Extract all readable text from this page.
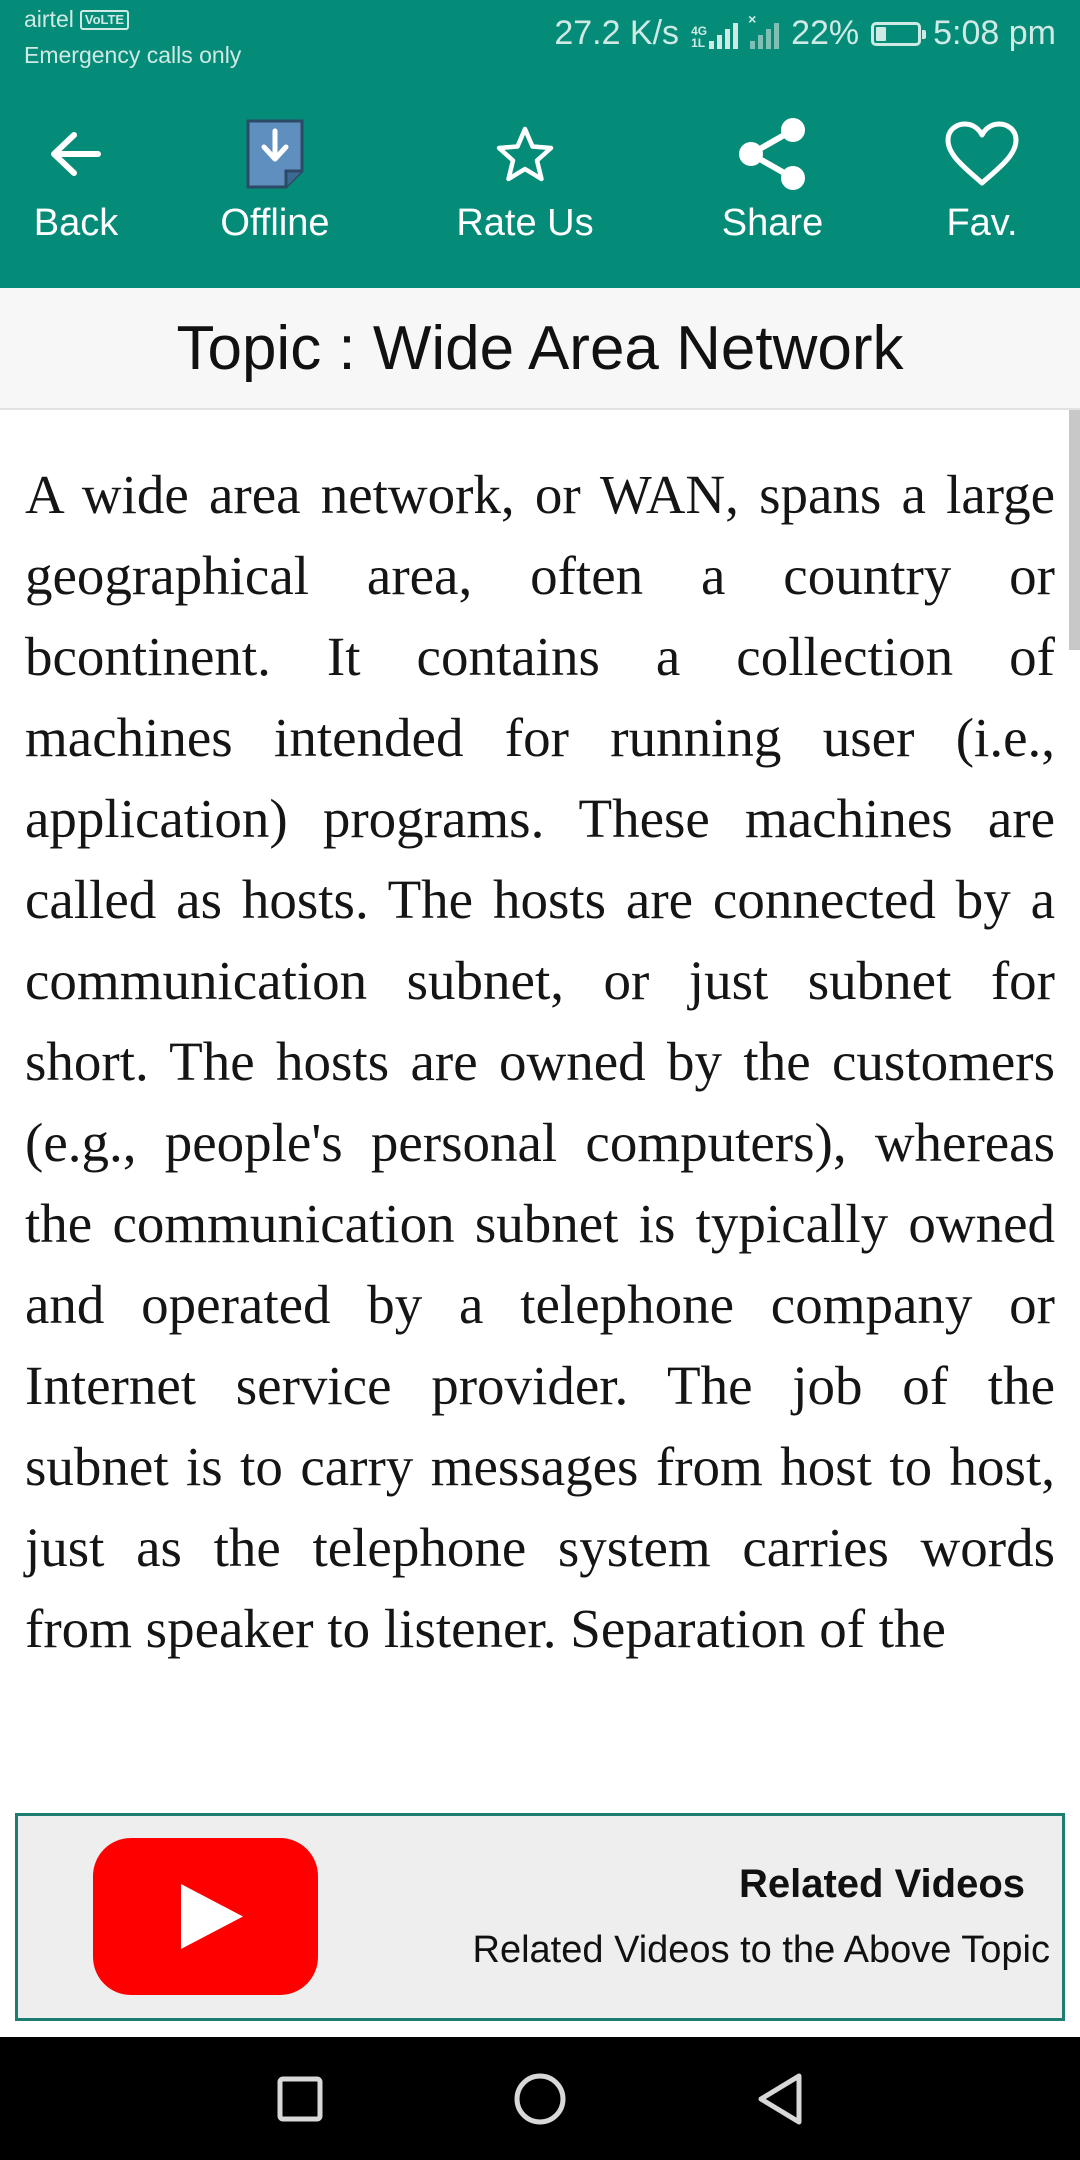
airtel VoLTE
Emergency calls only
27.2 K/s 4G
1L
× 22% 5:08 pm
Back	Offline	Rate Us	Share	Fav.
Topic : Wide Area Network
A wide area network, or WAN, spans a large geographical area, often a country or bcontinent. It contains a collection of machines intended for running user (i.e., application) programs. These machines are called as hosts. The hosts are connected by a communication subnet, or just subnet for short. The hosts are owned by the customers (e.g., people's personal computers), whereas the communication subnet is typically owned and operated by a telephone company or Internet service provider. The job of the subnet is to carry messages from host to host, just as the telephone system carries words from speaker to listener. Separation of the
Related Videos
Related Videos to the Above Topic
